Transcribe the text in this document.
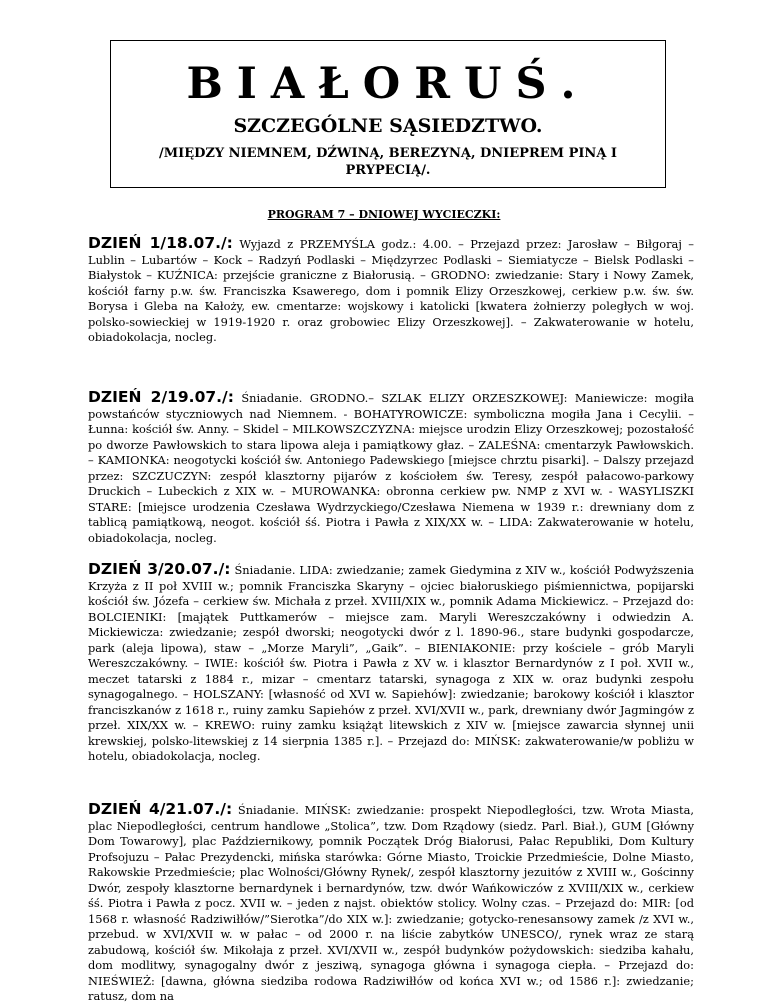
BIAŁORUŚ.
SZCZEGÓLNE SĄSIEDZTWO.
/MIĘDZY NIEMNEM, DŹWINĄ, BEREZYNĄ, DNIEPREM PINĄ I PRYPECIĄ/.
PROGRAM 7 – DNIOWEJ WYCIECZKI:
DZIEŃ 1/18.07./: Wyjazd z PRZEMYŚLA godz.: 4.00. – Przejazd przez: Jarosław – Biłgoraj – Lublin – Lubartów – Kock – Radzyń Podlaski – Międzyrzec Podlaski – Siemiatycze – Bielsk Podlaski – Białystok – KUŹNICA: przejście graniczne z Białorusią. – GRODNO: zwiedzanie: Stary i Nowy Zamek, kościół farny p.w. św. Franciszka Ksawerego, dom i pomnik Elizy Orzeszkowej, cerkiew p.w. św. św. Borysa i Gleba na Kałoży, ew. cmentarze: wojskowy i katolicki [kwatera żołnierzy poległych w woj. polsko-sowieckiej w 1919-1920 r. oraz grobowiec Elizy Orzeszkowej]. – Zakwaterowanie w hotelu, obiadokolacja, nocleg.
DZIEŃ 2/19.07./: Śniadanie. GRODNO.– SZLAK ELIZY ORZESZKOWEJ: Maniewicze: mogiła powstańców styczniowych nad Niemnem. - BOHATYROWICZE: symboliczna mogiła Jana i Cecylii. – Łunna: kościół św. Anny. – Skidel – MILKOWSZCZYZNA: miejsce urodzin Elizy Orzeszkowej; pozostałość po dworze Pawłowskich to stara lipowa aleja i pamiątkowy głaz. – ZALEŚNA: cmentarzyk Pawłowskich. – KAMIONKA: neogotycki kościół św. Antoniego Padewskiego [miejsce chrztu pisarki]. – Dalszy przejazd przez: SZCZUCZYN: zespół klasztorny pijarów z kościołem św. Teresy, zespół pałacowo-parkowy Druckich – Lubeckich z XIX w. – MUROWANKA: obronna cerkiew pw. NMP z XVI w. - WASYLISZKI STARE: [miejsce urodzenia Czesława Wydrzyckiego/Czesława Niemena w 1939 r.: drewniany dom z tablicą pamiątkową, neogot. kościół śś. Piotra i Pawła z XIX/XX w. – LIDA: Zakwaterowanie w hotelu, obiadokolacja, nocleg.
DZIEŃ 3/20.07./: Śniadanie. LIDA: zwiedzanie; zamek Giedymina z XIV w., kościół Podwyższenia Krzyża z II poł XVIII w.; pomnik Franciszka Skaryny – ojciec białoruskiego piśmiennictwa, popijarski kościół św. Józefa – cerkiew św. Michała z przeł. XVIII/XIX w., pomnik Adama Mickiewicz. – Przejazd do: BOLCIENIKI: [majątek Puttkamerów – miejsce zam. Maryli Wereszczakówny i odwiedzin A. Mickiewicza: zwiedzanie; zespół dworski; neogotycki dwór z l. 1890-96., stare budynki gospodarcze, park (aleja lipowa), staw – „Morze Maryli”, „Gaik”. – BIENIAKONIE: przy kościele – grób Maryli Wereszczakówny. – IWIE: kościół św. Piotra i Pawła z XV w. i klasztor Bernardynów z I poł. XVII w., meczet tatarski z 1884 r., mizar – cmentarz tatarski, synagoga z XIX w. oraz budynki zespołu synagogalnego. – HOLSZANY: [własność od XVI w. Sapiehów]: zwiedzanie; barokowy kościół i klasztor franciszkanów z 1618 r., ruiny zamku Sapiehów z przeł. XVI/XVII w., park, drewniany dwór Jagmingów z przeł. XIX/XX w. – KREWO: ruiny zamku książąt litewskich z XIV w. [miejsce zawarcia słynnej unii krewskiej, polsko-litewskiej z 14 sierpnia 1385 r.]. – Przejazd do: MIŃSK: zakwaterowanie/w pobliżu w hotelu, obiadokolacja, nocleg.
DZIEŃ 4/21.07./: Śniadanie. MIŃSK: zwiedzanie: prospekt Niepodległości, tzw. Wrota Miasta, plac Niepodległości, centrum handlowe „Stolica”, tzw. Dom Rządowy (siedz. Parl. Biał.), GUM [Główny Dom Towarowy], plac Październikowy, pomnik Początek Dróg Białorusi, Pałac Republiki, Dom Kultury Profsojuzu – Pałac Prezydencki, mińska starówka: Górne Miasto, Troickie Przedmieście, Dolne Miasto, Rakowskie Przedmieście; plac Wolności/Główny Rynek/, zespół klasztorny jezuitów z XVIII w., Gościnny Dwór, zespoły klasztorne bernardynek i bernardynów, tzw. dwór Wańkowiczów z XVIII/XIX w., cerkiew śś. Piotra i Pawła z pocz. XVII w. – jeden z najst. obiektów stolicy. Wolny czas. – Przejazd do: MIR: [od 1568 r. własność Radziwiłłów/”Sierotka”/do XIX w.]: zwiedzanie; gotycko-renesansowy zamek /z XVI w., przebud. w XVI/XVII w. w pałac – od 2000 r. na liście zabytków UNESCO/, rynek wraz ze starą zabudową, kościół św. Mikołaja z przeł. XVI/XVII w., zespół budynków pożydowskich: siedziba kahału, dom modlitwy, synagogalny dwór z jesziwą, synagoga główna i synagoga ciepła. – Przejazd do: NIEŚWIEŻ: [dawna, główna siedziba rodowa Radziwiłłów od końca XVI w.; od 1586 r.]: zwiedzanie; ratusz, dom na
